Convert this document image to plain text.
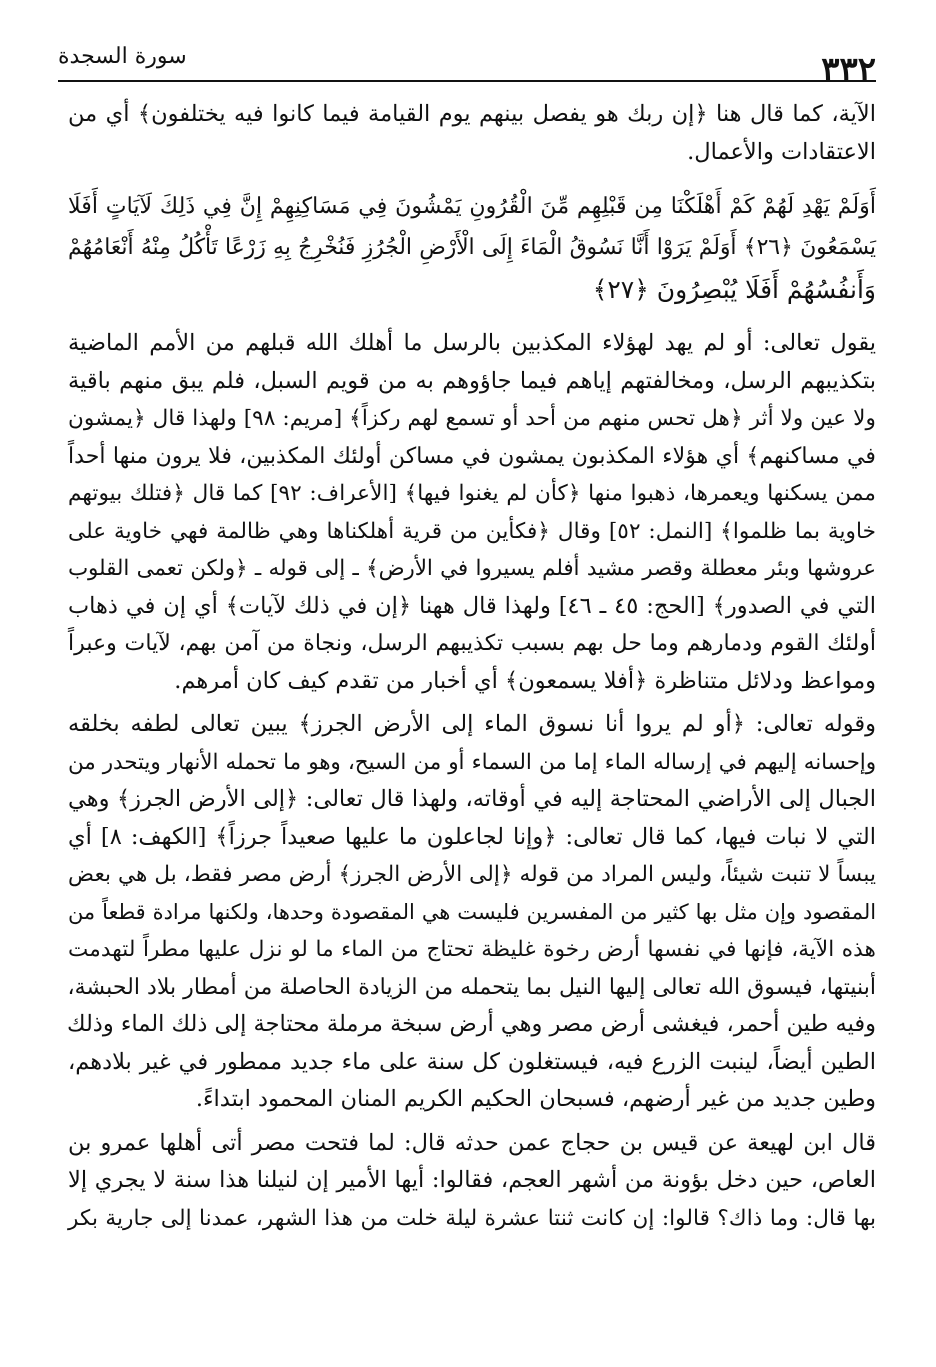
سورة السجدة	٣٣٢

الآية، كما قال هنا ﴿إن ربك هو يفصل بينهم يوم القيامة فيما كانوا فيه يختلفون﴾ أي من
الاعتقادات والأعمال.

أَوَلَمْ يَهْدِ لَهُمْ كَمْ أَهْلَكْنَا مِن قَبْلِهِم مِّنَ الْقُرُونِ يَمْشُونَ فِي مَسَاكِنِهِمْ إِنَّ فِي ذَلِكَ لَآيَاتٍ أَفَلَا
يَسْمَعُونَ ﴿٢٦﴾ أَوَلَمْ يَرَوْا أَنَّا نَسُوقُ الْمَاءَ إِلَى الْأَرْضِ الْجُرُزِ فَنُخْرِجُ بِهِ زَرْعًا تَأْكُلُ مِنْهُ أَنْعَامُهُمْ
وَأَنفُسُهُمْ أَفَلَا يُبْصِرُونَ ﴿٢٧﴾

يقول تعالى: أو لم يهد لهؤلاء المكذبين بالرسل ما أهلك الله قبلهم من الأمم الماضية
بتكذيبهم الرسل، ومخالفتهم إياهم فيما جاؤوهم به من قويم السبل، فلم يبق منهم باقية
ولا عين ولا أثر ﴿هل تحس منهم من أحد أو تسمع لهم ركزاً﴾ [مريم: ٩٨] ولهذا قال ﴿يمشون
في مساكنهم﴾ أي هؤلاء المكذبون يمشون في مساكن أولئك المكذبين، فلا يرون منها أحداً
ممن يسكنها ويعمرها، ذهبوا منها ﴿كأن لم يغنوا فيها﴾ [الأعراف: ٩٢] كما قال ﴿فتلك بيوتهم
خاوية بما ظلموا﴾ [النمل: ٥٢] وقال ﴿فكأين من قرية أهلكناها وهي ظالمة فهي خاوية على
عروشها وبئر معطلة وقصر مشيد أفلم يسيروا في الأرض﴾ ـ إلى قوله ـ ﴿ولكن تعمى القلوب
التي في الصدور﴾ [الحج: ٤٥ ـ ٤٦] ولهذا قال ههنا ﴿إن في ذلك لآيات﴾ أي إن في ذهاب
أولئك القوم ودمارهم وما حل بهم بسبب تكذيبهم الرسل، ونجاة من آمن بهم، لآيات وعبراً
ومواعظ ودلائل متناظرة ﴿أفلا يسمعون﴾ أي أخبار من تقدم كيف كان أمرهم.

وقوله تعالى: ﴿أو لم يروا أنا نسوق الماء إلى الأرض الجرز﴾ يبين تعالى لطفه بخلقه
وإحسانه إليهم في إرساله الماء إما من السماء أو من السيح، وهو ما تحمله الأنهار ويتحدر من
الجبال إلى الأراضي المحتاجة إليه في أوقاته، ولهذا قال تعالى: ﴿إلى الأرض الجرز﴾ وهي
التي لا نبات فيها، كما قال تعالى: ﴿وإنا لجاعلون ما عليها صعيداً جرزاً﴾ [الكهف: ٨] أي
يبساً لا تنبت شيئاً، وليس المراد من قوله ﴿إلى الأرض الجرز﴾ أرض مصر فقط، بل هي بعض
المقصود وإن مثل بها كثير من المفسرين فليست هي المقصودة وحدها، ولكنها مرادة قطعاً من
هذه الآية، فإنها في نفسها أرض رخوة غليظة تحتاج من الماء ما لو نزل عليها مطراً لتهدمت
أبنيتها، فيسوق الله تعالى إليها النيل بما يتحمله من الزيادة الحاصلة من أمطار بلاد الحبشة،
وفيه طين أحمر، فيغشى أرض مصر وهي أرض سبخة مرملة محتاجة إلى ذلك الماء وذلك
الطين أيضاً، لينبت الزرع فيه، فيستغلون كل سنة على ماء جديد ممطور في غير بلادهم،
وطين جديد من غير أرضهم، فسبحان الحكيم الكريم المنان المحمود ابتداءً.

قال ابن لهيعة عن قيس بن حجاج عمن حدثه قال: لما فتحت مصر أتى أهلها عمرو بن
العاص، حين دخل بؤونة من أشهر العجم، فقالوا: أيها الأمير إن لنيلنا هذا سنة لا يجري إلا
بها قال: وما ذاك؟ قالوا: إن كانت ثنتا عشرة ليلة خلت من هذا الشهر، عمدنا إلى جارية بكر
